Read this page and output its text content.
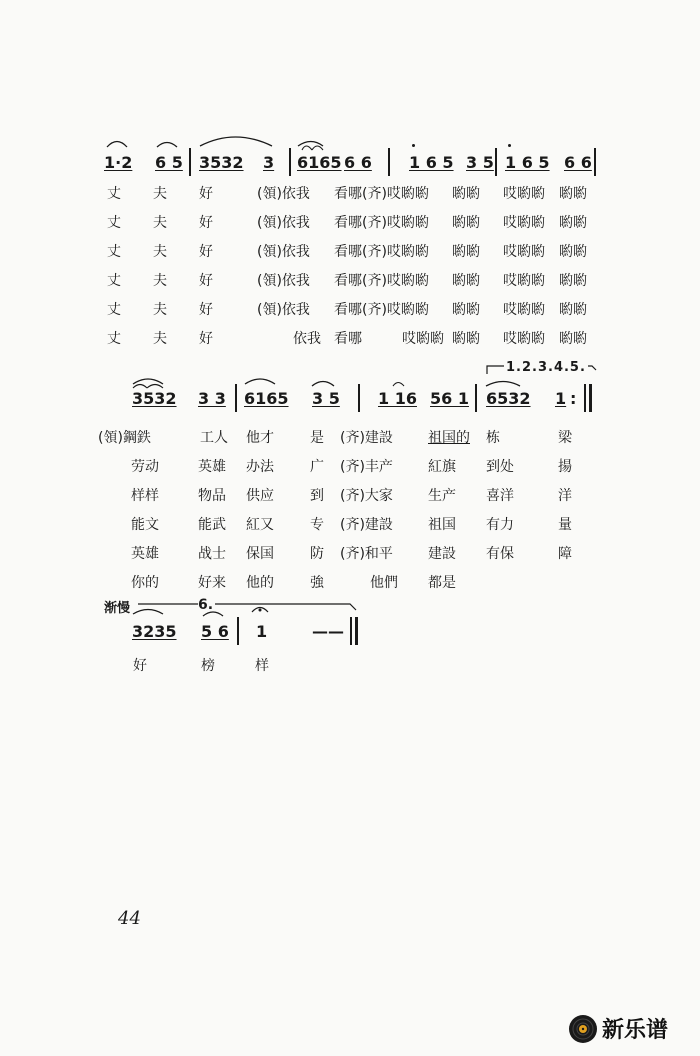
1·2 6 5 3532 3 6165 6 6 1 6 5 3 5 1 6 5 6 6
丈 夫 好	(領)依我 看哪(齐)哎喲喲 喲喲 哎喲喲 喲喲
丈 夫 好	(領)依我 看哪(齐)哎喲喲 喲喲 哎喲喲 喲喲
丈 夫 好	(領)依我 看哪(齐)哎喲喲 喲喲 哎喲喲 喲喲
丈 夫 好	(領)依我 看哪(齐)哎喲喲 喲喲 哎喲喲 喲喲
丈 夫 好	(領)依我 看哪(齐)哎喲喲 喲喲 哎喲喲 喲喲
丈 夫 好	依我 看哪	哎喲喲 喲喲 哎喲喲 喲喲
1.2.3.4.5.
3532 3 3 6165 3 5 1 16 56 1 6532 1 :
(領)鋼鉄	工人 他才	是 (齐)建設	祖国的 栋	梁
劳动	英雄 办法	广 (齐)丰产	紅旗 到处	揚
样样	物品 供应	到 (齐)大家	生产 喜洋	洋
能文	能武 紅又	专 (齐)建設	祖国 有力	量
英雄	战士 保国	防 (齐)和平	建設 有保	障
你的	好来 他的	強	他們 都是
渐慢	6.
3235 5 6 1	——
好	榜	样
44
新乐谱
